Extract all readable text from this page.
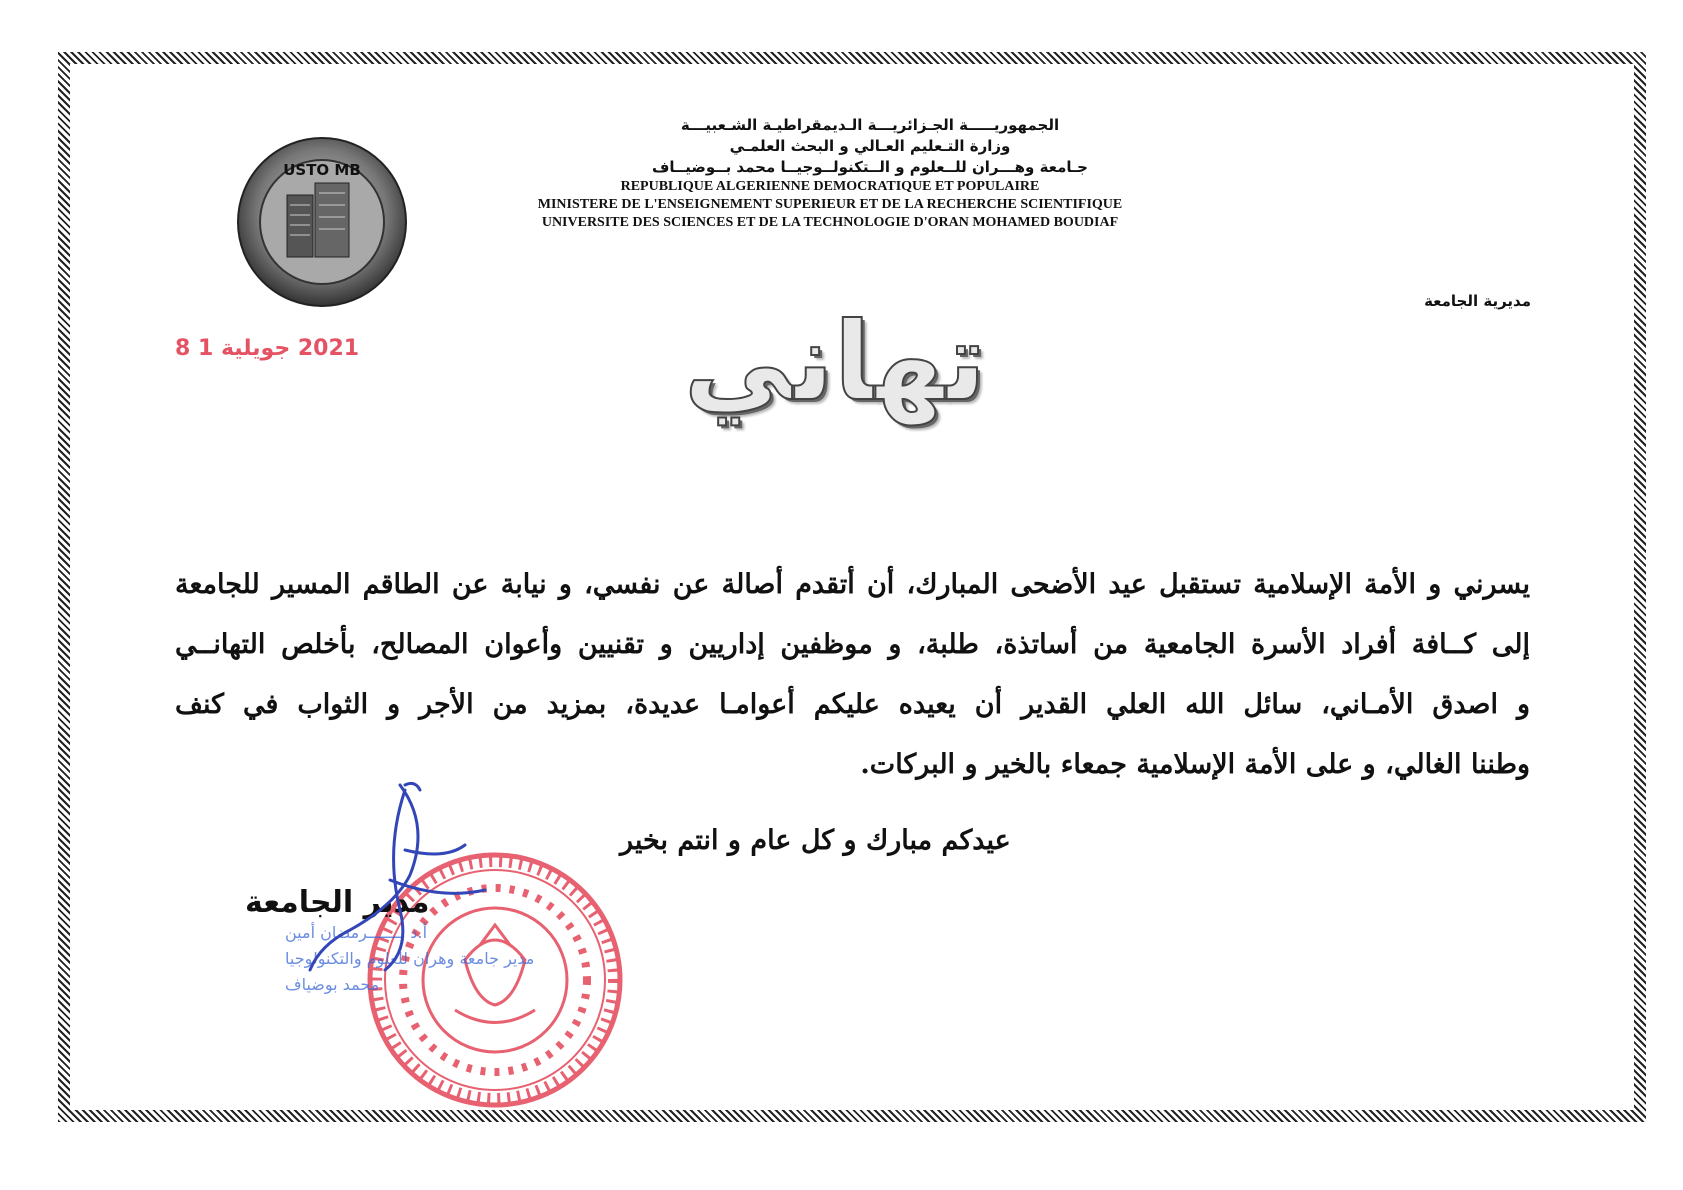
USTO MB
الجمهوريـــــة الجـزائريـــة الـديمقراطيـة الشـعبيـــة
وزارة التـعليم العـالي و البحث العلمـي
جـامعة وهـــران للــعلوم و الــتكنولــوجيــا محمد بــوضيــاف
REPUBLIQUE ALGERIENNE DEMOCRATIQUE ET POPULAIRE
MINISTERE DE L'ENSEIGNEMENT SUPERIEUR ET DE LA RECHERCHE SCIENTIFIQUE
UNIVERSITE DES SCIENCES ET DE LA TECHNOLOGIE D'ORAN MOHAMED BOUDIAF
مديرية الجامعة
2021 جويلية 1 8	تهاني

يسرني و الأمة الإسلامية تستقبل عيد الأضحى المبارك، أن أتقدم أصالة عن نفسي، و نيابة عن الطاقم المسير للجامعة

إلى كــافة أفراد الأسرة الجامعية من أساتذة، طلبة، و موظفين إداريين و تقنيين وأعوان المصالح، بأخلص التهانــي

و اصدق الأمـاني، سائل الله العلي القدير أن يعيده عليكم أعوامـا عديدة، بمزيد من الأجر و الثواب في كنف

وطننا الغالي، و على الأمة الإسلامية جمعاء بالخير و البركات.

عيدكم مبارك و كل عام و انتم بخير
مدير الجامعة
أ.د بـــــــرمضان أمين
مدير جامعة وهران للعلوم والتكنولوجيا
محمد بوضياف
